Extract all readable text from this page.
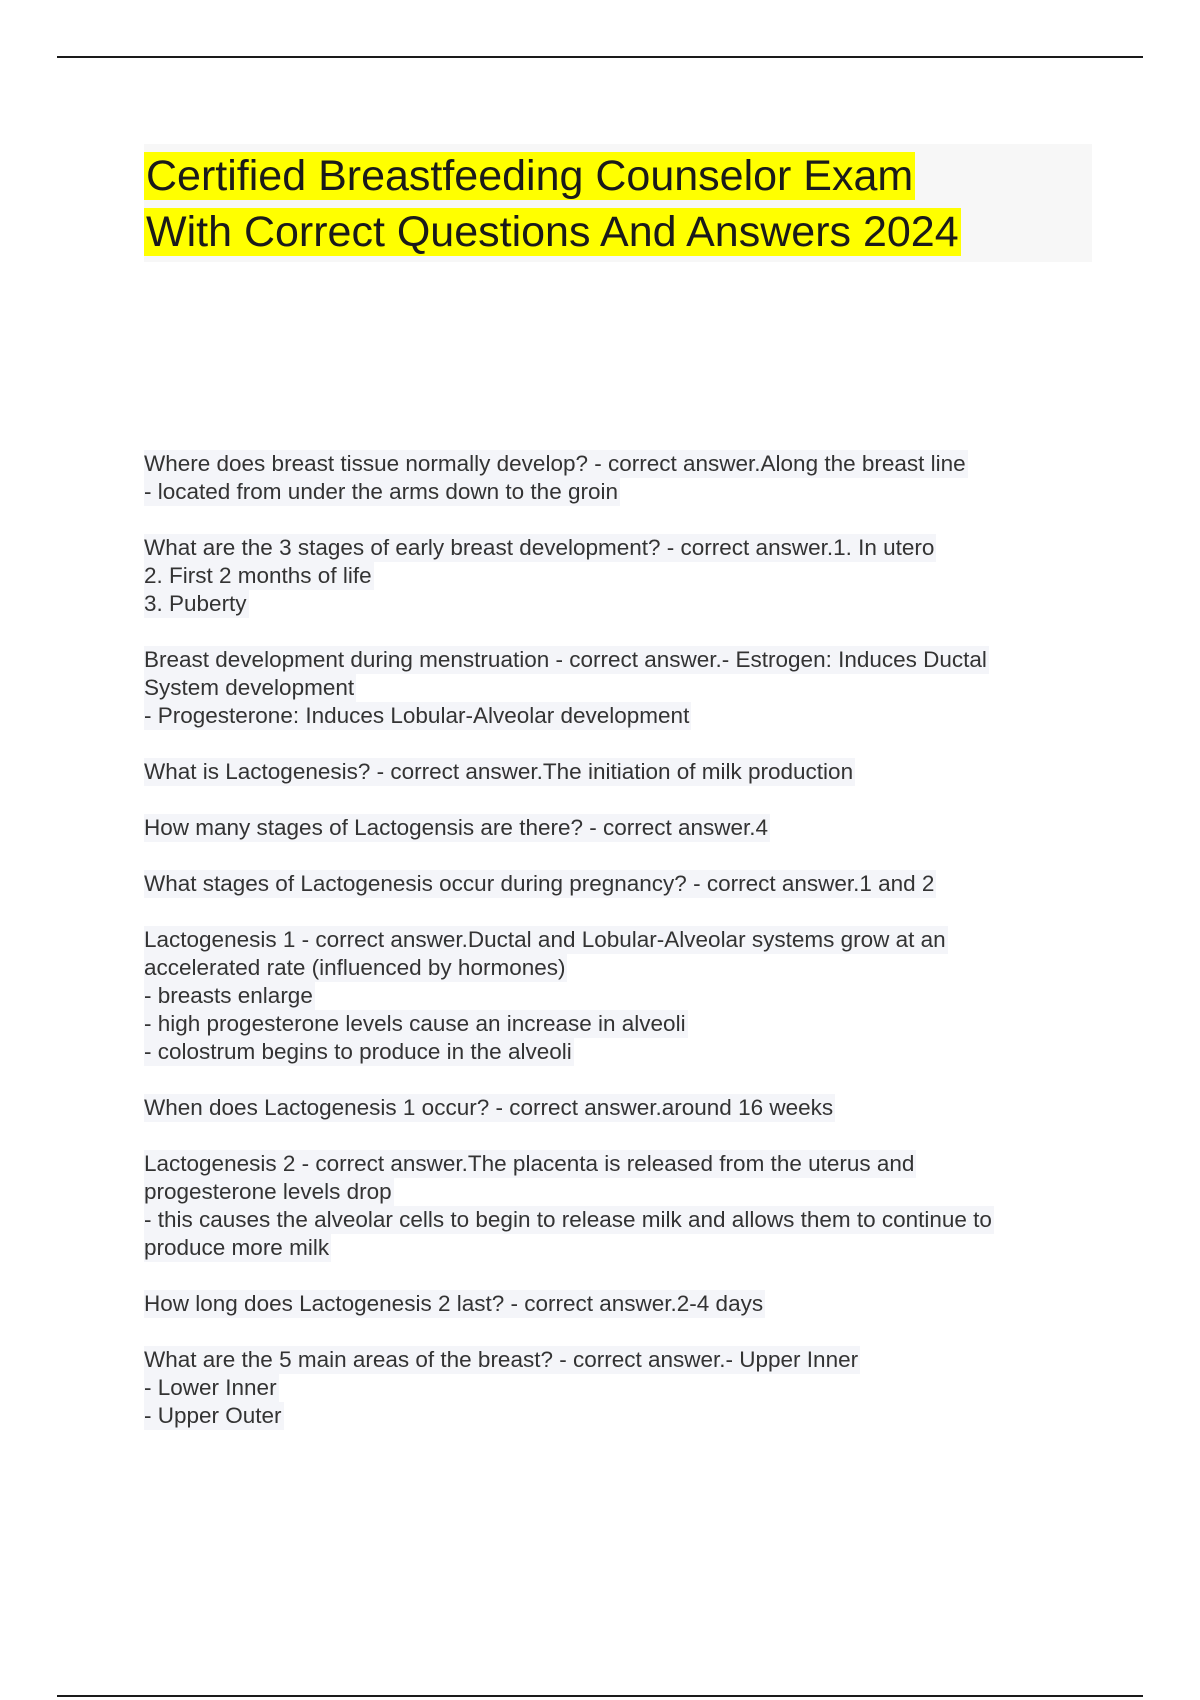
Certified Breastfeeding Counselor Exam
With Correct Questions And Answers 2024
Where does breast tissue normally develop? - correct answer.Along the breast line
- located from under the arms down to the groin
What are the 3 stages of early breast development? - correct answer.1. In utero
2. First 2 months of life
3. Puberty
Breast development during menstruation - correct answer.- Estrogen: Induces Ductal
System development
- Progesterone: Induces Lobular-Alveolar development
What is Lactogenesis? - correct answer.The initiation of milk production
How many stages of Lactogensis are there? - correct answer.4
What stages of Lactogenesis occur during pregnancy? - correct answer.1 and 2
Lactogenesis 1 - correct answer.Ductal and Lobular-Alveolar systems grow at an
accelerated rate (influenced by hormones)
- breasts enlarge
- high progesterone levels cause an increase in alveoli
- colostrum begins to produce in the alveoli
When does Lactogenesis 1 occur? - correct answer.around 16 weeks
Lactogenesis 2 - correct answer.The placenta is released from the uterus and
progesterone levels drop
- this causes the alveolar cells to begin to release milk and allows them to continue to
produce more milk
How long does Lactogenesis 2 last? - correct answer.2-4 days
What are the 5 main areas of the breast? - correct answer.- Upper Inner
- Lower Inner
- Upper Outer
